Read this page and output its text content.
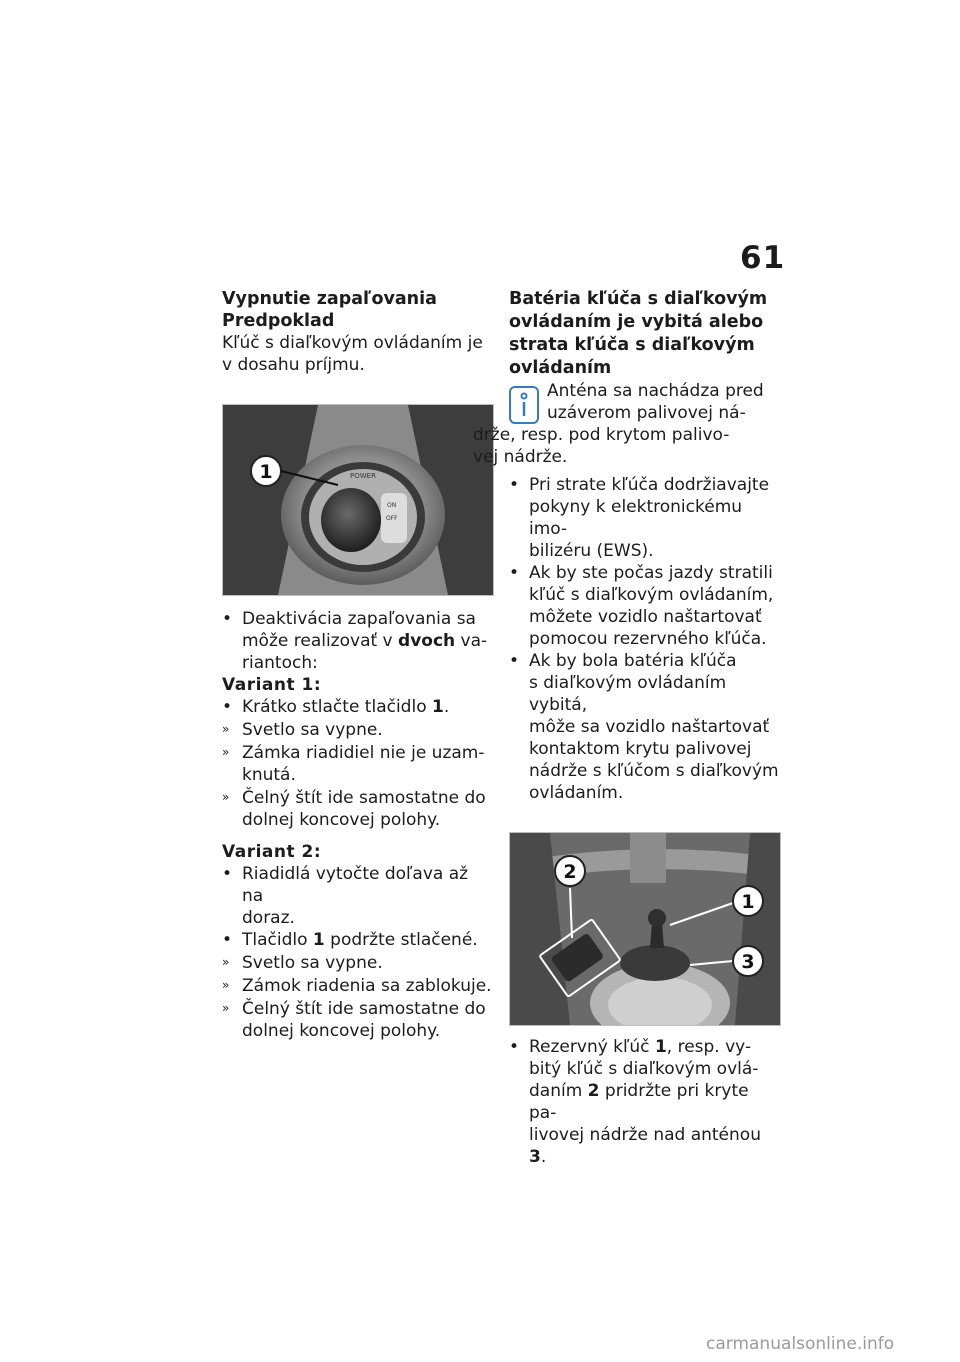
61

Vypnutie zapaľovania

Predpoklad

Kľúč s diaľkovým ovládaním je
v dosahu príjmu.

POWER
ON
OFF
1

• Deaktivácia zapaľovania sa
môže realizovať v dvoch va-
riantoch:

Variant 1:

• Krátko stlačte tlačidlo 1.

» Svetlo sa vypne.

» Zámka riadidiel nie je uzam-
knutá.

» Čelný štít ide samostatne do
dolnej koncovej polohy.

Variant 2:

• Riadidlá vytočte doľava až na
doraz.

• Tlačidlo 1 podržte stlačené.

» Svetlo sa vypne.

» Zámok riadenia sa zablokuje.

» Čelný štít ide samostatne do
dolnej koncovej polohy.

Batéria kľúča s diaľkovým
ovládaním je vybitá alebo
strata kľúča s diaľkovým
ovládaním

Anténa sa nachádza pred
uzáverom palivovej ná-
drže, resp. pod krytom palivo-
vej nádrže.

• Pri strate kľúča dodržiavajte
pokyny k elektronickému imo-
bilizéru (EWS).

• Ak by ste počas jazdy stratili
kľúč s diaľkovým ovládaním,
môžete vozidlo naštartovať
pomocou rezervného kľúča.

• Ak by bola batéria kľúča
s diaľkovým ovládaním vybitá,
môže sa vozidlo naštartovať
kontaktom krytu palivovej
nádrže s kľúčom s diaľkovým
ovládaním.

2
1
3

• Rezervný kľúč 1, resp. vy-
bitý kľúč s diaľkovým ovlá-
daním 2 pridržte pri kryte pa-
livovej nádrže nad anténou 3.

carmanualsonline.info
